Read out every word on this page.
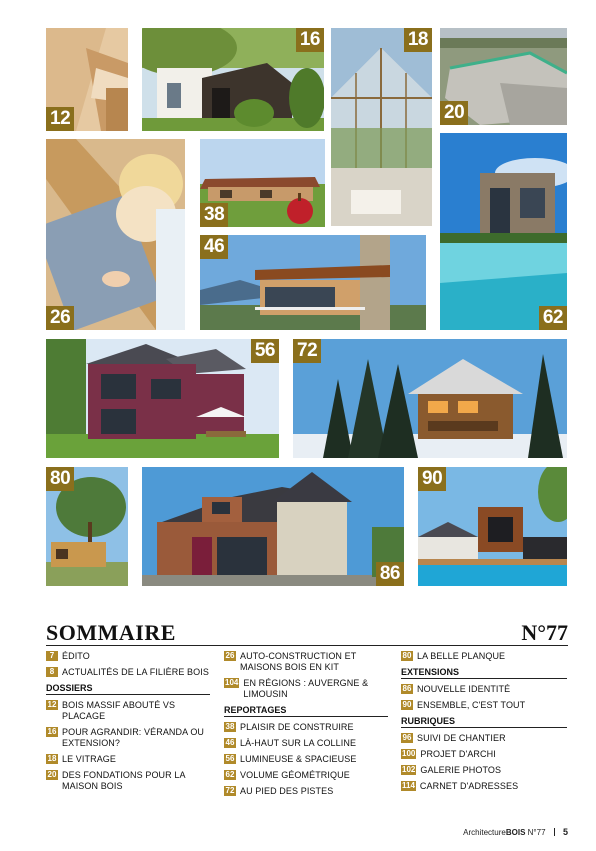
12
16	18
20
26
38
46
62
56 72
80
86
90
SOMMAIRE	N°77
7 ÉDITO
8 ACTUALITÉS DE LA FILIÈRE BOIS
DOSSIERS
12 BOIS MASSIF ABOUTÉ VS PLACAGE
16 POUR AGRANDIR: VÉRANDA OU EXTENSION?
18 LE VITRAGE
20 DES FONDATIONS POUR LA MAISON BOIS
26 AUTO-CONSTRUCTION ET MAISONS BOIS EN KIT
104 EN RÉGIONS : AUVERGNE & LIMOUSIN
REPORTAGES
38 PLAISIR DE CONSTRUIRE
46 LÀ-HAUT SUR LA COLLINE
56 LUMINEUSE & SPACIEUSE
62 VOLUME GÉOMÉTRIQUE
72 AU PIED DES PISTES
80 LA BELLE PLANQUE
EXTENSIONS
86 NOUVELLE IDENTITÉ
90 ENSEMBLE, C'EST TOUT
RUBRIQUES
96 SUIVI DE CHANTIER
100 PROJET D'ARCHI
102 GALERIE PHOTOS
114 CARNET D'ADRESSES
ArchitectureBOIS N°77 5
